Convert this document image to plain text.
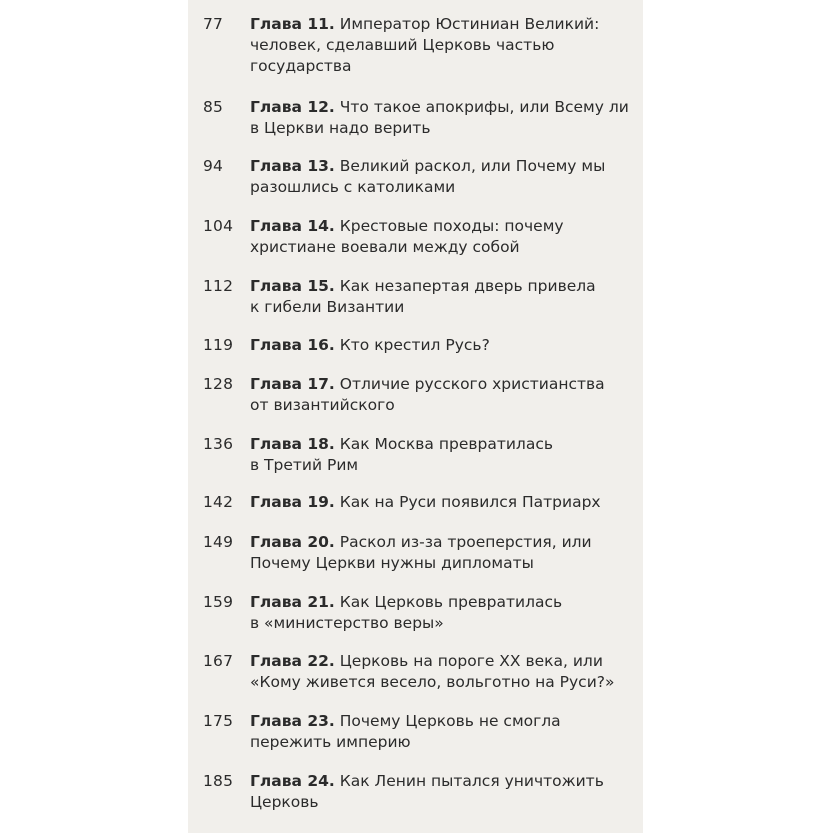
77	Глава 11. Император Юстиниан Великий:
человек, сделавший Церковь частью
государства
85	Глава 12. Что такое апокрифы, или Всему ли
в Церкви надо верить
94	Глава 13. Великий раскол, или Почему мы
разошлись с католиками
104	Глава 14. Крестовые походы: почему
христиане воевали между собой
112	Глава 15. Как незапертая дверь привела
к гибели Византии
119	Глава 16. Кто крестил Русь?
128	Глава 17. Отличие русского христианства
от византийского
136	Глава 18. Как Москва превратилась
в Третий Рим
142	Глава 19. Как на Руси появился Патриарх
149	Глава 20. Раскол из-за троеперстия, или
Почему Церкви нужны дипломаты
159	Глава 21. Как Церковь превратилась
в «министерство веры»
167	Глава 22. Церковь на пороге XX века, или
«Кому живется весело, вольготно на Руси?»
175	Глава 23. Почему Церковь не смогла
пережить империю
185	Глава 24. Как Ленин пытался уничтожить
Церковь
